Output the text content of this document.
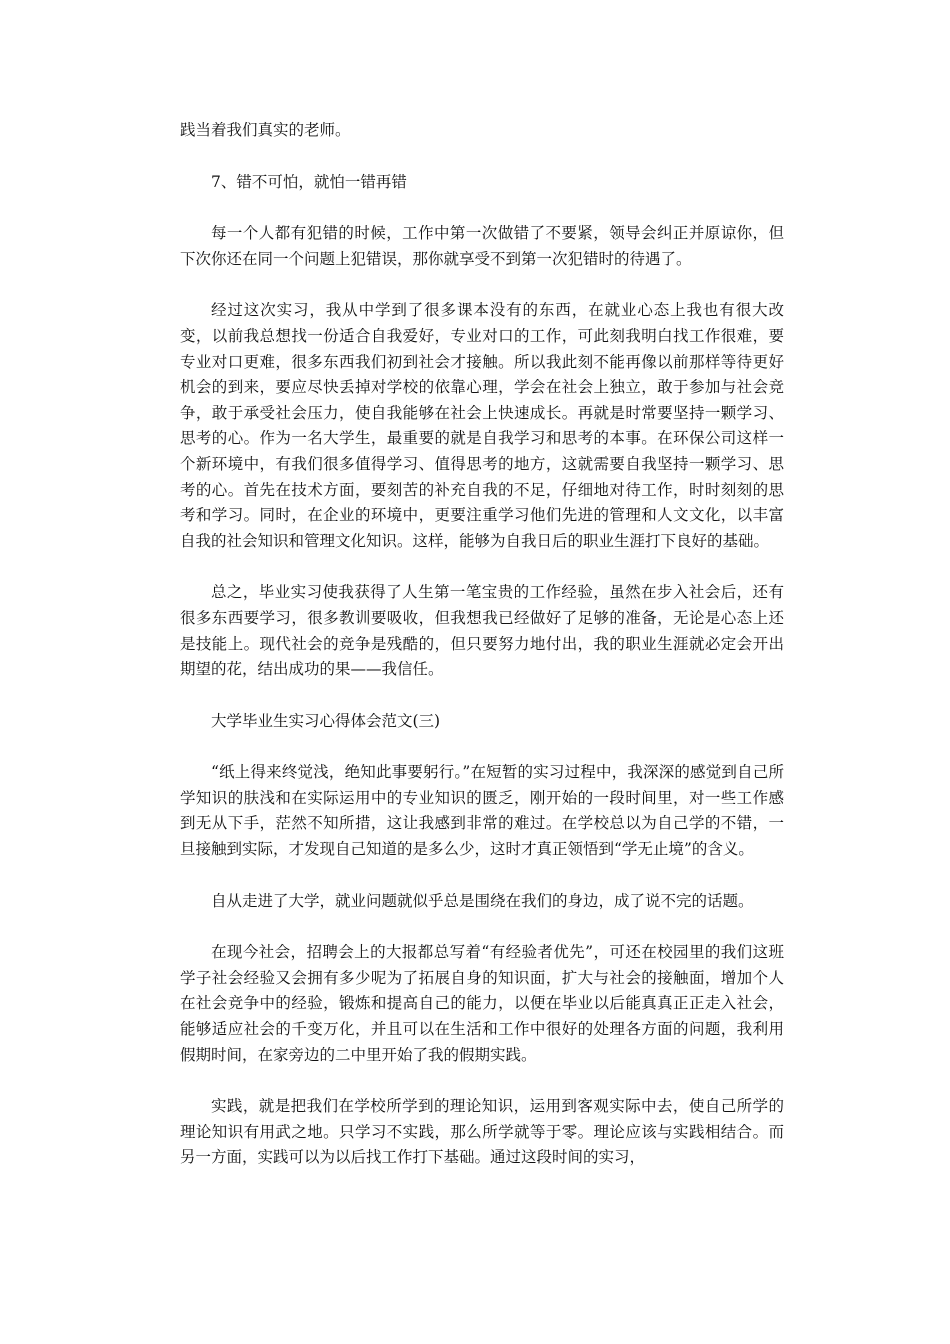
践当着我们真实的老师。

7、错不可怕，就怕一错再错

每一个人都有犯错的时候，工作中第一次做错了不要紧，领导会纠正并原谅你，但下次你还在同一个问题上犯错误，那你就享受不到第一次犯错时的待遇了。

经过这次实习，我从中学到了很多课本没有的东西，在就业心态上我也有很大改变，以前我总想找一份适合自我爱好，专业对口的工作，可此刻我明白找工作很难，要专业对口更难，很多东西我们初到社会才接触。所以我此刻不能再像以前那样等待更好机会的到来，要应尽快丢掉对学校的依靠心理，学会在社会上独立，敢于参加与社会竞争，敢于承受社会压力，使自我能够在社会上快速成长。再就是时常要坚持一颗学习、思考的心。作为一名大学生，最重要的就是自我学习和思考的本事。在环保公司这样一个新环境中，有我们很多值得学习、值得思考的地方，这就需要自我坚持一颗学习、思考的心。首先在技术方面，要刻苦的补充自我的不足，仔细地对待工作，时时刻刻的思考和学习。同时，在企业的环境中，更要注重学习他们先进的管理和人文文化，以丰富自我的社会知识和管理文化知识。这样，能够为自我日后的职业生涯打下良好的基础。

总之，毕业实习使我获得了人生第一笔宝贵的工作经验，虽然在步入社会后，还有很多东西要学习，很多教训要吸收，但我想我已经做好了足够的准备，无论是心态上还是技能上。现代社会的竞争是残酷的，但只要努力地付出，我的职业生涯就必定会开出期望的花，结出成功的果——我信任。

大学毕业生实习心得体会范文(三)

“纸上得来终觉浅，绝知此事要躬行。”在短暂的实习过程中，我深深的感觉到自己所学知识的肤浅和在实际运用中的专业知识的匮乏，刚开始的一段时间里，对一些工作感到无从下手，茫然不知所措，这让我感到非常的难过。在学校总以为自己学的不错，一旦接触到实际，才发现自己知道的是多么少，这时才真正领悟到“学无止境”的含义。

自从走进了大学，就业问题就似乎总是围绕在我们的身边，成了说不完的话题。

在现今社会，招聘会上的大报都总写着“有经验者优先”，可还在校园里的我们这班学子社会经验又会拥有多少呢为了拓展自身的知识面，扩大与社会的接触面，增加个人在社会竞争中的经验，锻炼和提高自己的能力，以便在毕业以后能真真正正走入社会，能够适应社会的千变万化，并且可以在生活和工作中很好的处理各方面的问题，我利用假期时间，在家旁边的二中里开始了我的假期实践。

实践，就是把我们在学校所学到的理论知识，运用到客观实际中去，使自己所学的理论知识有用武之地。只学习不实践，那么所学就等于零。理论应该与实践相结合。而另一方面，实践可以为以后找工作打下基础。通过这段时间的实习，
